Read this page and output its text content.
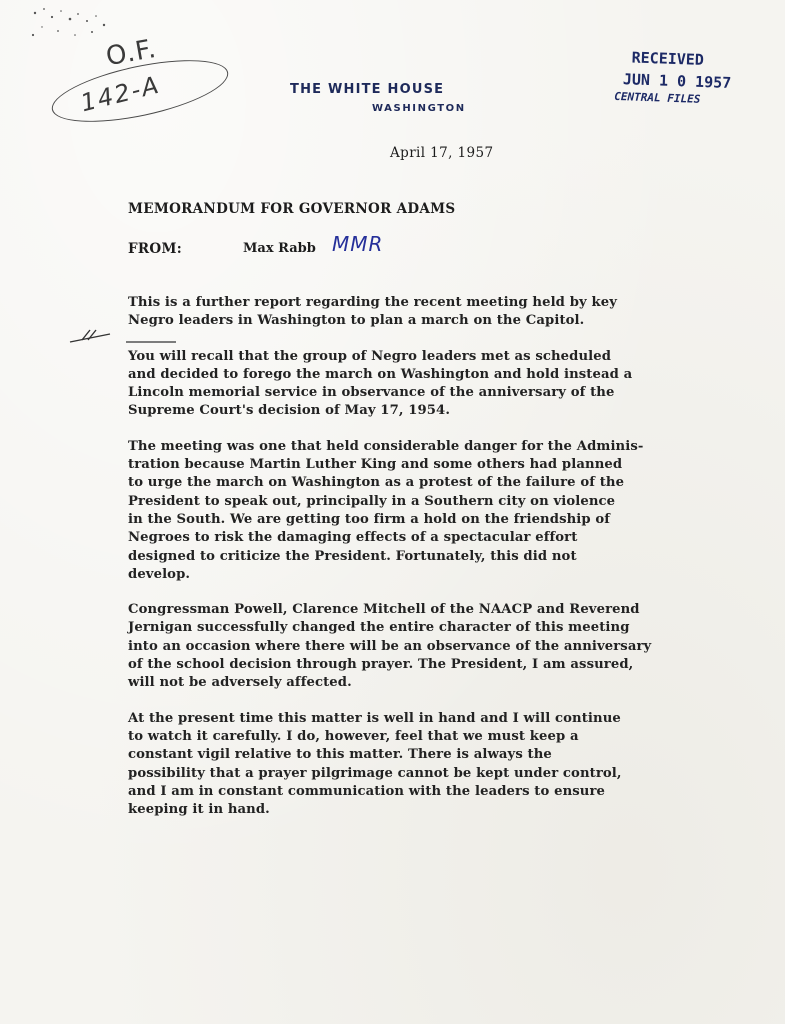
O.F.
142-A	THE WHITE HOUSE
WASHINGTON
RECEIVED
JUN 1 0 1957
CENTRAL FILES
April 17, 1957
MEMORANDUM FOR GOVERNOR ADAMS
FROM:	Max Rabb MMR

This is a further report regarding the recent meeting held by key
Negro leaders in Washington to plan a march on the Capitol.

You will recall that the group of Negro leaders met as scheduled
and decided to forego the march on Washington and hold instead a
Lincoln memorial service in observance of the anniversary of the
Supreme Court's decision of May 17, 1954.

The meeting was one that held considerable danger for the Adminis-
tration because Martin Luther King and some others had planned
to urge the march on Washington as a protest of the failure of the
President to speak out, principally in a Southern city on violence
in the South. We are getting too firm a hold on the friendship of
Negroes to risk the damaging effects of a spectacular effort
designed to criticize the President. Fortunately, this did not
develop.

Congressman Powell, Clarence Mitchell of the NAACP and Reverend
Jernigan successfully changed the entire character of this meeting
into an occasion where there will be an observance of the anniversary
of the school decision through prayer. The President, I am assured,
will not be adversely affected.

At the present time this matter is well in hand and I will continue
to watch it carefully. I do, however, feel that we must keep a
constant vigil relative to this matter. There is always the
possibility that a prayer pilgrimage cannot be kept under control,
and I am in constant communication with the leaders to ensure
keeping it in hand.
